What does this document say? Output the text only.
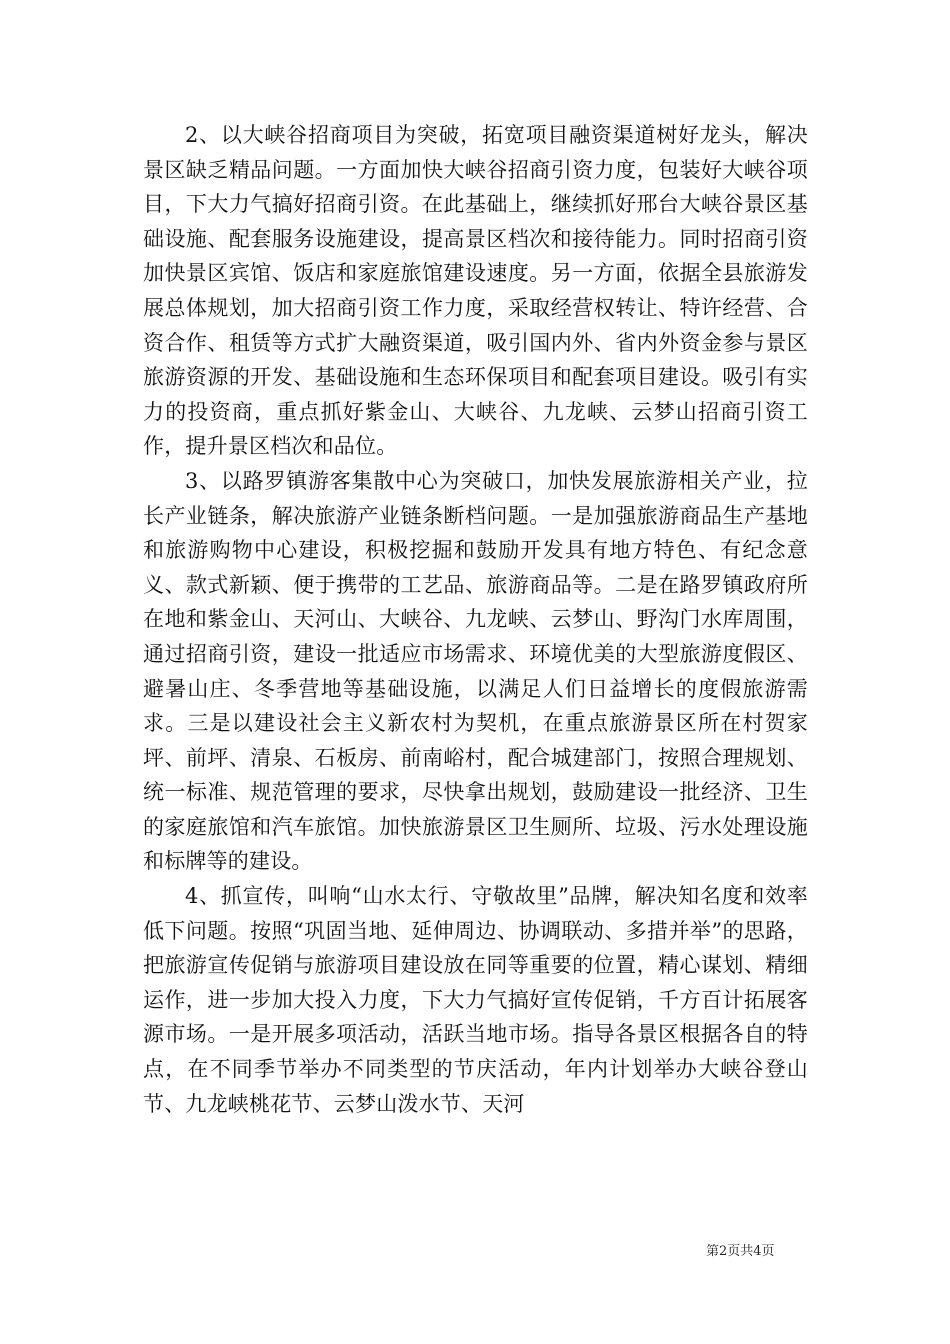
2、以大峡谷招商项目为突破，拓宽项目融资渠道树好龙头，解决景区缺乏精品问题。一方面加快大峡谷招商引资力度，包装好大峡谷项目，下大力气搞好招商引资。在此基础上，继续抓好邢台大峡谷景区基础设施、配套服务设施建设，提高景区档次和接待能力。同时招商引资加快景区宾馆、饭店和家庭旅馆建设速度。另一方面，依据全县旅游发展总体规划，加大招商引资工作力度，采取经营权转让、特许经营、合资合作、租赁等方式扩大融资渠道，吸引国内外、省内外资金参与景区旅游资源的开发、基础设施和生态环保项目和配套项目建设。吸引有实力的投资商，重点抓好紫金山、大峡谷、九龙峡、云梦山招商引资工作，提升景区档次和品位。

3、以路罗镇游客集散中心为突破口，加快发展旅游相关产业，拉长产业链条，解决旅游产业链条断档问题。一是加强旅游商品生产基地和旅游购物中心建设，积极挖掘和鼓励开发具有地方特色、有纪念意义、款式新颖、便于携带的工艺品、旅游商品等。二是在路罗镇政府所在地和紫金山、天河山、大峡谷、九龙峡、云梦山、野沟门水库周围，通过招商引资，建设一批适应市场需求、环境优美的大型旅游度假区、避暑山庄、冬季营地等基础设施，以满足人们日益增长的度假旅游需求。三是以建设社会主义新农村为契机，在重点旅游景区所在村贺家坪、前坪、清泉、石板房、前南峪村，配合城建部门，按照合理规划、统一标准、规范管理的要求，尽快拿出规划，鼓励建设一批经济、卫生的家庭旅馆和汽车旅馆。加快旅游景区卫生厕所、垃圾、污水处理设施和标牌等的建设。

4、抓宣传，叫响“山水太行、守敬故里”品牌，解决知名度和效率低下问题。按照“巩固当地、延伸周边、协调联动、多措并举”的思路，把旅游宣传促销与旅游项目建设放在同等重要的位置，精心谋划、精细运作，进一步加大投入力度，下大力气搞好宣传促销，千方百计拓展客源市场。一是开展多项活动，活跃当地市场。指导各景区根据各自的特点，在不同季节举办不同类型的节庆活动，年内计划举办大峡谷登山节、九龙峡桃花节、云梦山泼水节、天河

第2页共4页
